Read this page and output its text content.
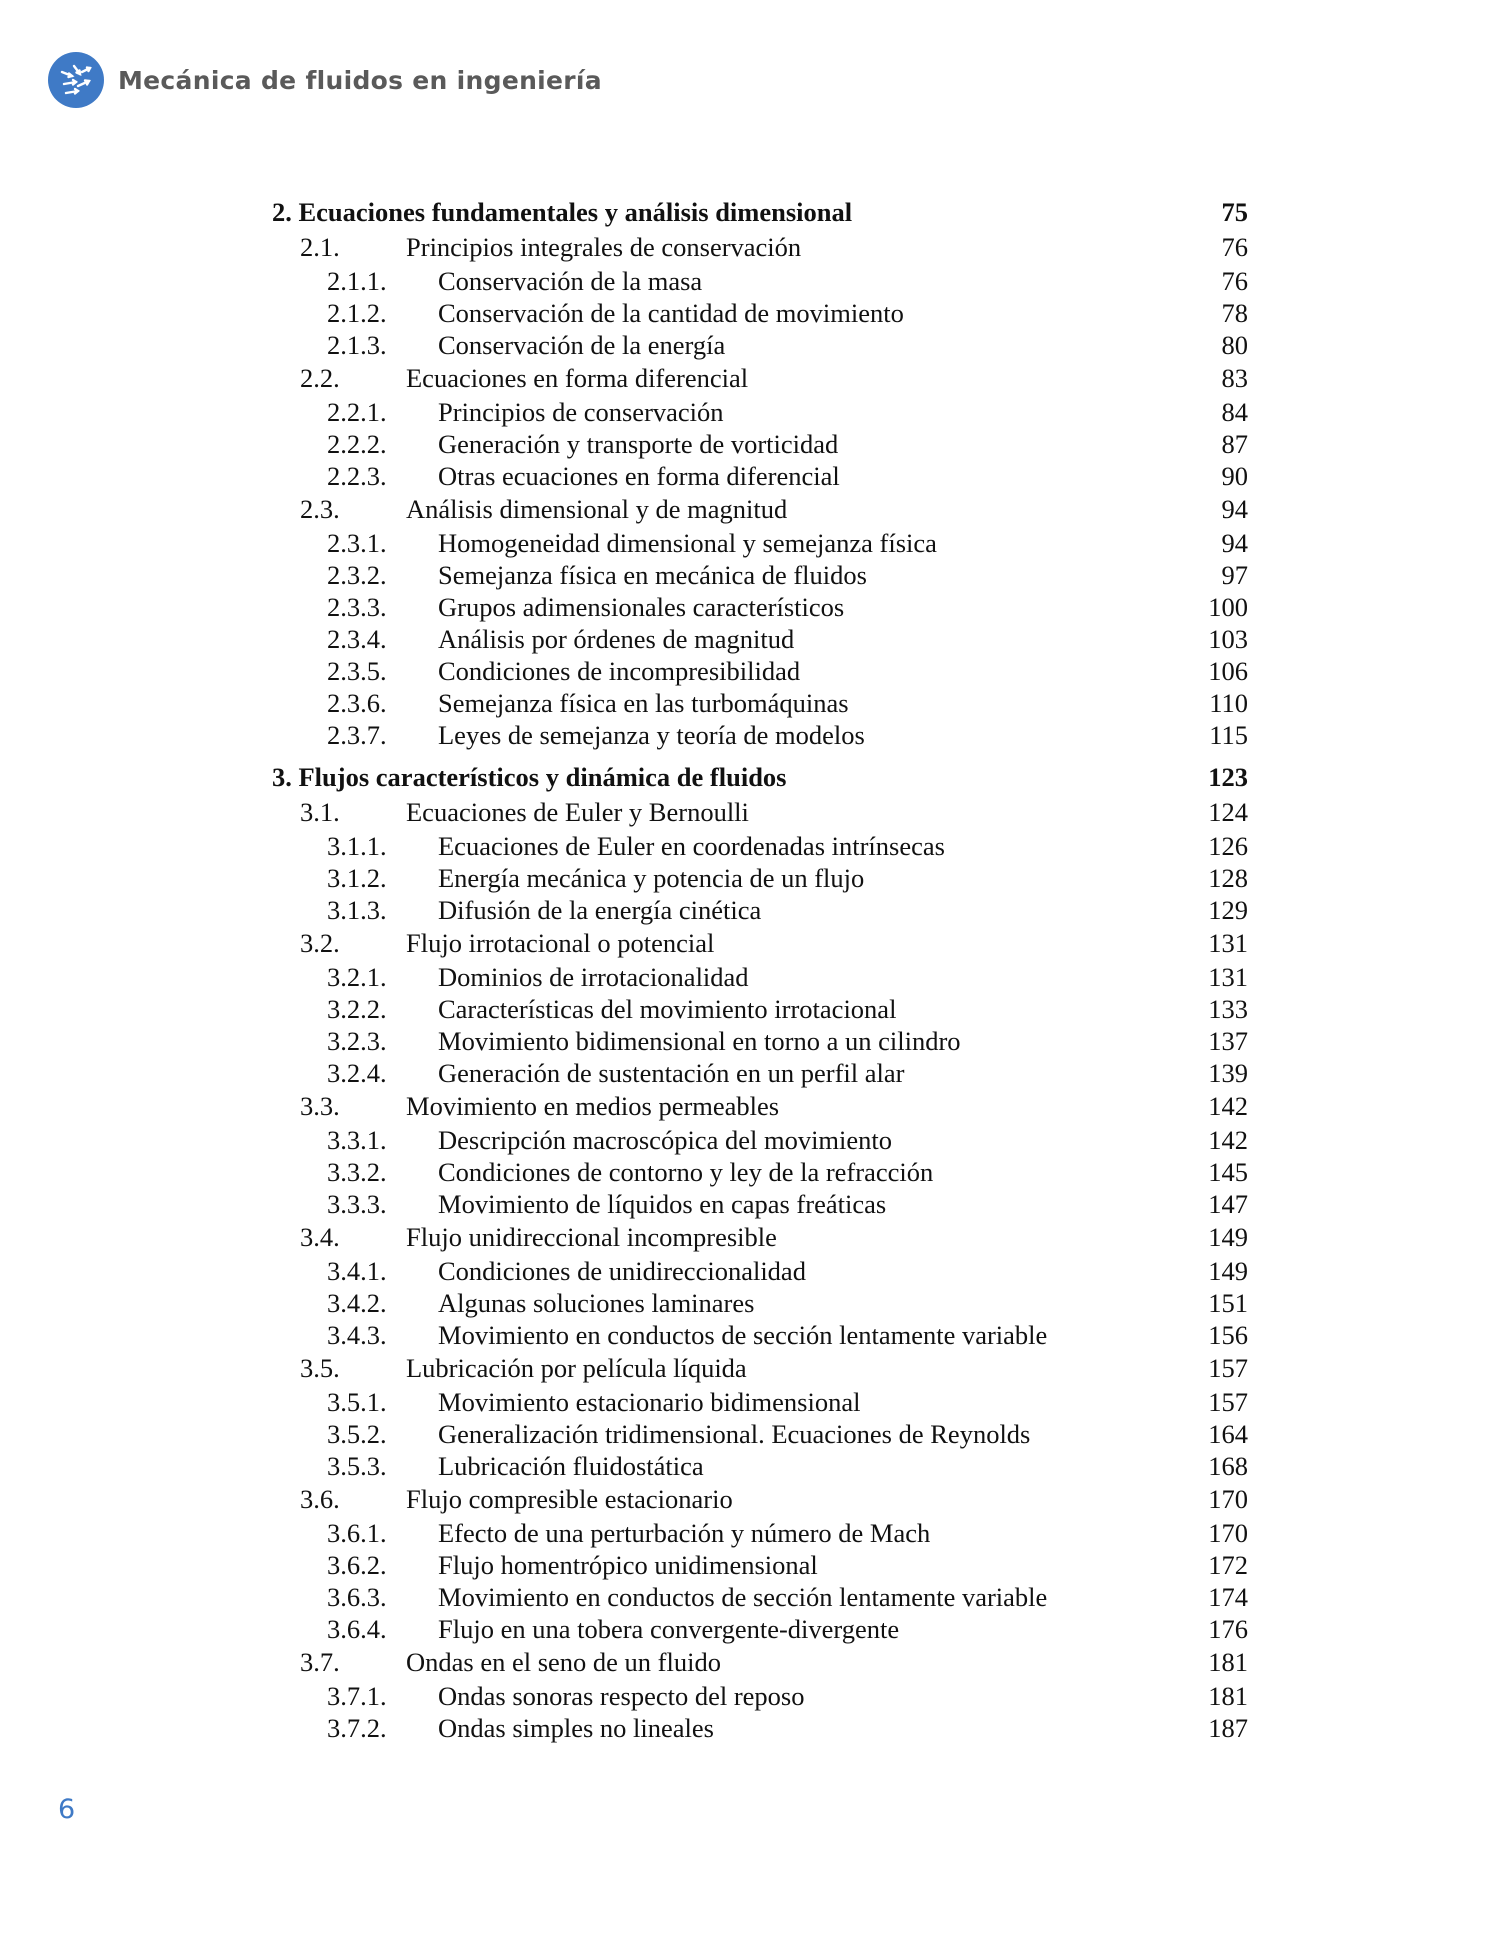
Mecánica de fluidos en ingeniería
2. Ecuaciones fundamentales y análisis dimensional	75
2.1.	Principios integrales de conservación	76
2.1.1. Conservación de la masa	76
2.1.2. Conservación de la cantidad de movimiento	78
2.1.3. Conservación de la energía	80
2.2.	Ecuaciones en forma diferencial	83
2.2.1. Principios de conservación	84
2.2.2. Generación y transporte de vorticidad	87
2.2.3. Otras ecuaciones en forma diferencial	90
2.3.	Análisis dimensional y de magnitud	94
2.3.1. Homogeneidad dimensional y semejanza física	94
2.3.2. Semejanza física en mecánica de fluidos	97
2.3.3. Grupos adimensionales característicos	100
2.3.4. Análisis por órdenes de magnitud	103
2.3.5. Condiciones de incompresibilidad	106
2.3.6. Semejanza física en las turbomáquinas	110
2.3.7. Leyes de semejanza y teoría de modelos	115
3. Flujos característicos y dinámica de fluidos	123
3.1.	Ecuaciones de Euler y Bernoulli	124
3.1.1. Ecuaciones de Euler en coordenadas intrínsecas	126
3.1.2. Energía mecánica y potencia de un flujo	128
3.1.3. Difusión de la energía cinética	129
3.2.	Flujo irrotacional o potencial	131
3.2.1. Dominios de irrotacionalidad	131
3.2.2. Características del movimiento irrotacional	133
3.2.3. Movimiento bidimensional en torno a un cilindro	137
3.2.4. Generación de sustentación en un perfil alar	139
3.3.	Movimiento en medios permeables	142
3.3.1. Descripción macroscópica del movimiento	142
3.3.2. Condiciones de contorno y ley de la refracción	145
3.3.3. Movimiento de líquidos en capas freáticas	147
3.4.	Flujo unidireccional incompresible	149
3.4.1. Condiciones de unidireccionalidad	149
3.4.2. Algunas soluciones laminares	151
3.4.3. Movimiento en conductos de sección lentamente variable	156
3.5.	Lubricación por película líquida	157
3.5.1. Movimiento estacionario bidimensional	157
3.5.2. Generalización tridimensional. Ecuaciones de Reynolds	164
3.5.3. Lubricación fluidostática	168
3.6.	Flujo compresible estacionario	170
3.6.1. Efecto de una perturbación y número de Mach	170
3.6.2. Flujo homentrópico unidimensional	172
3.6.3. Movimiento en conductos de sección lentamente variable	174
3.6.4. Flujo en una tobera convergente-divergente	176
3.7.	Ondas en el seno de un fluido	181
3.7.1. Ondas sonoras respecto del reposo	181
3.7.2. Ondas simples no lineales	187
6
